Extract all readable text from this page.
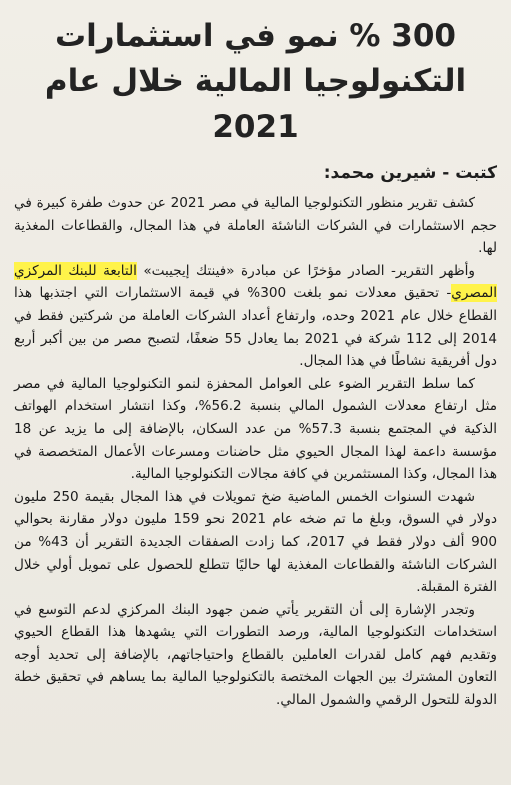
300 % نمو في استثمارات
التكنولوجيا المالية خلال عام 2021
كتبت - شيرين محمد:

كشف تقرير منظور التكنولوجيا المالية في مصر 2021 عن حدوث طفرة كبيرة في حجم الاستثمارات في الشركات الناشئة العاملة في هذا المجال، والقطاعات المغذية لها.

وأظهر التقرير- الصادر مؤخرًا عن مبادرة «فينتك إيجيبت» التابعة للبنك المركزي المصري- تحقيق معدلات نمو بلغت 300% في قيمة الاستثمارات التي اجتذبها هذا القطاع خلال عام 2021 وحده، وارتفاع أعداد الشركات العاملة من شركتين فقط في 2014 إلى 112 شركة في 2021 بما يعادل 55 ضعفًا، لتصبح مصر من بين أكبر أربع دول أفريقية نشاطًا في هذا المجال.

كما سلط التقرير الضوء على العوامل المحفزة لنمو التكنولوجيا المالية في مصر مثل ارتفاع معدلات الشمول المالي بنسبة 56.2%، وكذا انتشار استخدام الهواتف الذكية في المجتمع بنسبة 57.3% من عدد السكان، بالإضافة إلى ما يزيد عن 18 مؤسسة داعمة لهذا المجال الحيوي مثل حاضنات ومسرعات الأعمال المتخصصة في هذا المجال، وكذا المستثمرين في كافة مجالات التكنولوجيا المالية.

شهدت السنوات الخمس الماضية ضخ تمويلات في هذا المجال بقيمة 250 مليون دولار في السوق، وبلغ ما تم ضخه عام 2021 نحو 159 مليون دولار مقارنة بحوالي 900 ألف دولار فقط في 2017، كما زادت الصفقات الجديدة التقرير أن 43% من الشركات الناشئة والقطاعات المغذية لها حاليًا تتطلع للحصول على تمويل أولي خلال الفترة المقبلة.

وتجدر الإشارة إلى أن التقرير يأتي ضمن جهود البنك المركزي لدعم التوسع في استخدامات التكنولوجيا المالية، ورصد التطورات التي يشهدها هذا القطاع الحيوي وتقديم فهم كامل لقدرات العاملين بالقطاع واحتياجاتهم، بالإضافة إلى تحديد أوجه التعاون المشترك بين الجهات المختصة بالتكنولوجيا المالية بما يساهم في تحقيق خطة الدولة للتحول الرقمي والشمول المالي.
